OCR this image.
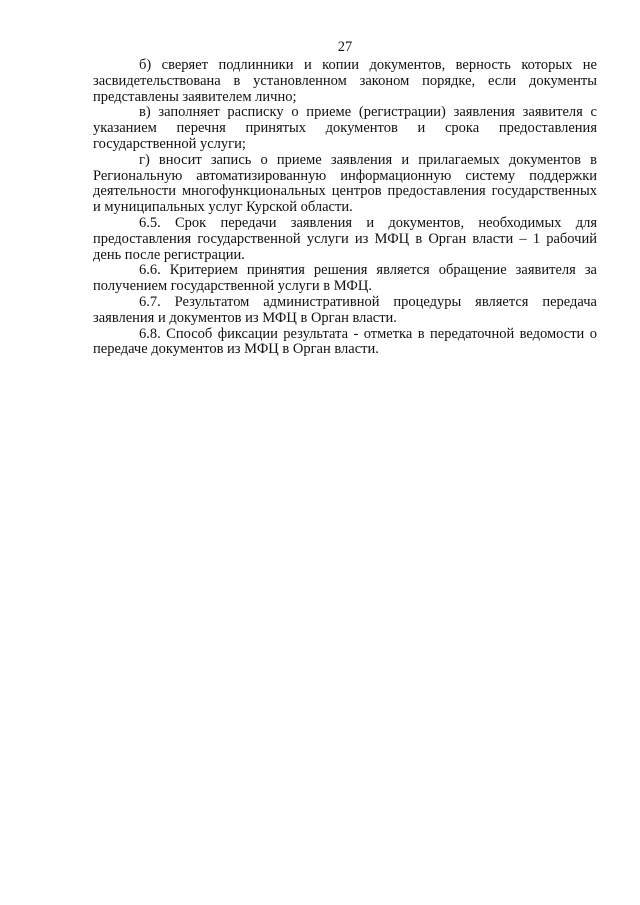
27

б) сверяет подлинники и копии документов, верность которых не засвидетельствована в установленном законом порядке, если документы представлены заявителем лично;

в) заполняет расписку о приеме (регистрации) заявления заявителя с указанием перечня принятых документов и срока предоставления государственной услуги;

г) вносит запись о приеме заявления и прилагаемых документов в Региональную автоматизированную информационную систему поддержки деятельности многофункциональных центров предоставления государственных и муниципальных услуг Курской области.

6.5. Срок передачи заявления и документов, необходимых для предоставления государственной услуги из МФЦ в Орган власти – 1 рабочий день после регистрации.

6.6. Критерием принятия решения является обращение заявителя за получением государственной услуги в МФЦ.

6.7. Результатом административной процедуры является передача заявления и документов из МФЦ в Орган власти.

6.8. Способ фиксации результата - отметка в передаточной ведомости о передаче документов из МФЦ в Орган власти.
